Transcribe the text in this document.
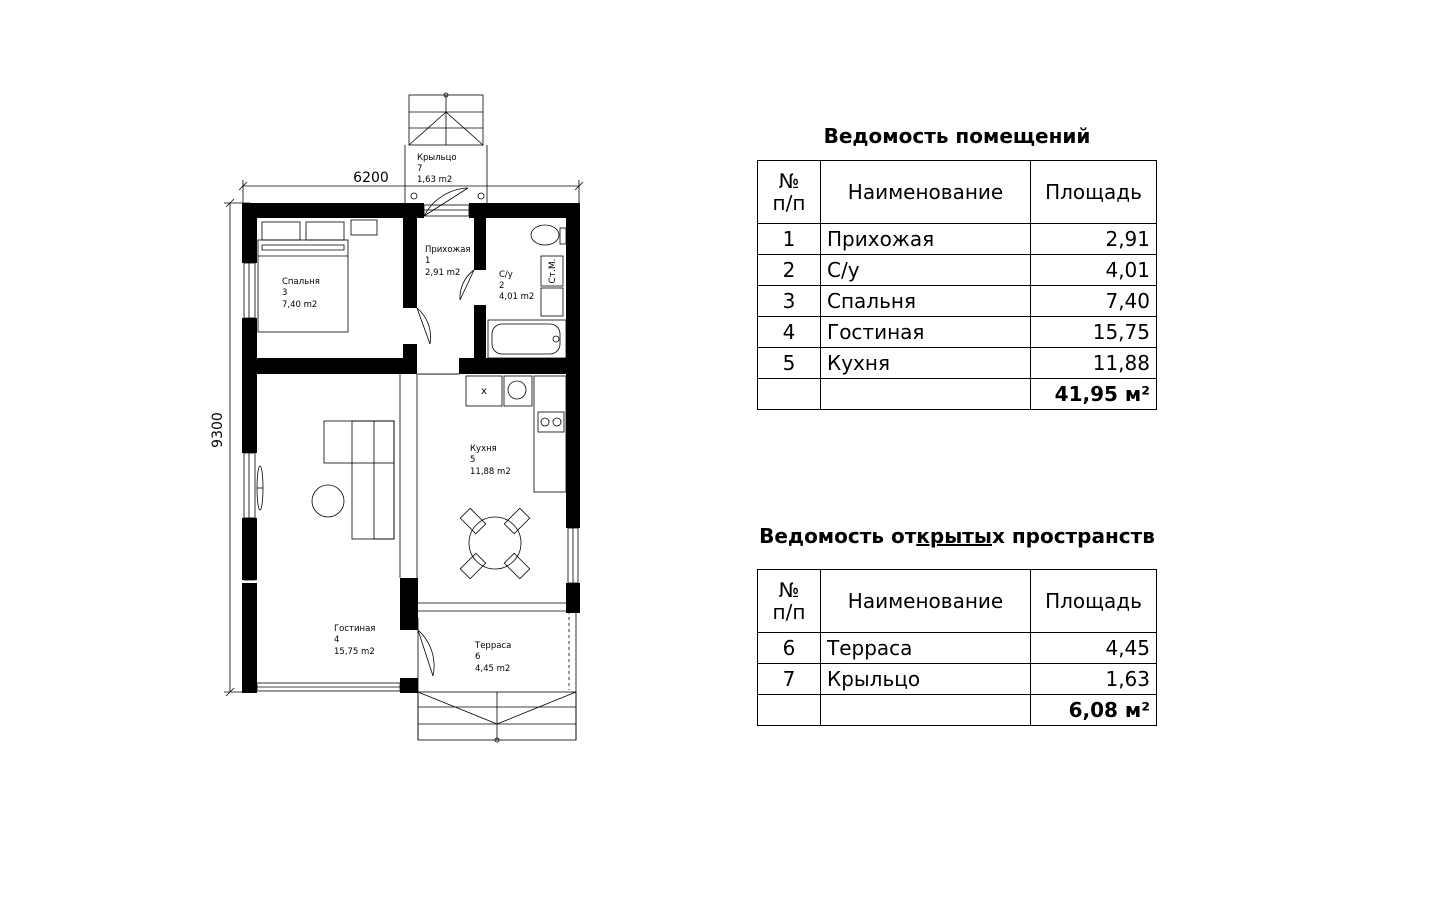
6200
9300
Ст.М.
x
Крыльцо
7
1,63 m2
Прихожая
1
2,91 m2	С/у
2
4,01 m2
Спальня
3
7,40 m2
Кухня
5
11,88 m2
Гостиная
4
15,75 m2
Терраса
6
4,45 m2
Ведомость помещений
№
п/п	Наименование	Площадь
1	Прихожая	2,91
2	С/у	4,01
3	Спальня	7,40
4	Гостиная	15,75
5	Кухня	11,88
		41,95 м²
Ведомость открытых пространств
№
п/п	Наименование	Площадь
6	Терраса	4,45
7	Крыльцо	1,63
		6,08 м²
